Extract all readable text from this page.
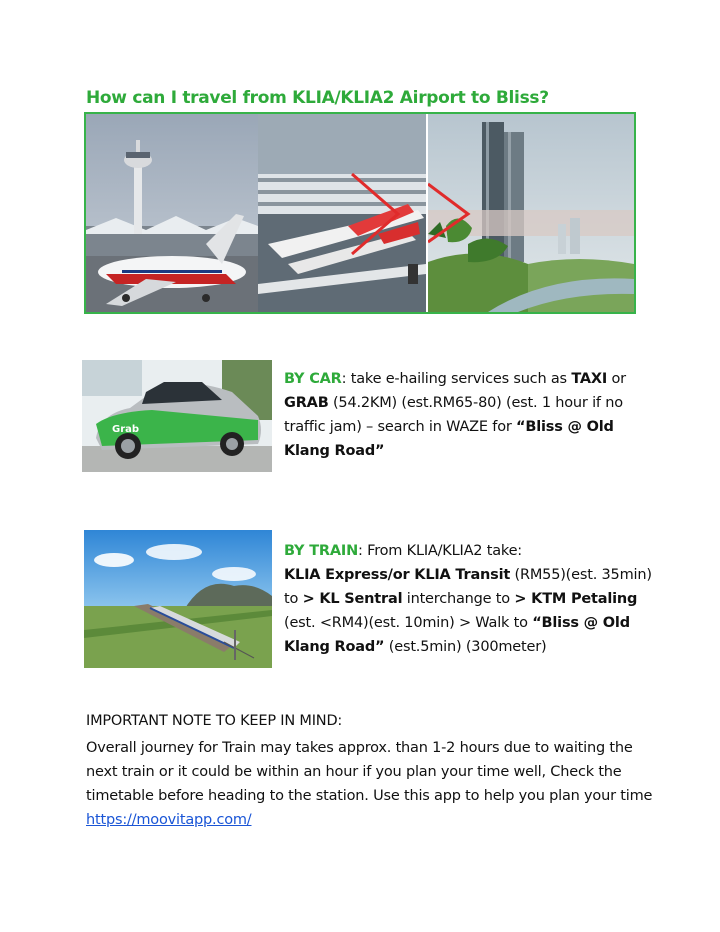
How can I travel from KLIA/KLIA2 Airport to Bliss?
Grab
BY CAR: take e-hailing services such as TAXI or GRAB (54.2KM) (est.RM65-80) (est. 1 hour if no traffic jam) – search in WAZE for “Bliss @ Old Klang Road”
BY TRAIN: From KLIA/KLIA2 take:
KLIA Express/or KLIA Transit (RM55)(est. 35min) to > KL Sentral interchange to > KTM Petaling (est. <RM4)(est. 10min) > Walk to “Bliss @ Old Klang Road” (est.5min) (300meter)
IMPORTANT NOTE TO KEEP IN MIND:
Overall journey for Train may takes approx. than 1-2 hours due to waiting the next train or it could be within an hour if you plan your time well, Check the timetable before heading to the station. Use this app to help you plan your time https://moovitapp.com/
